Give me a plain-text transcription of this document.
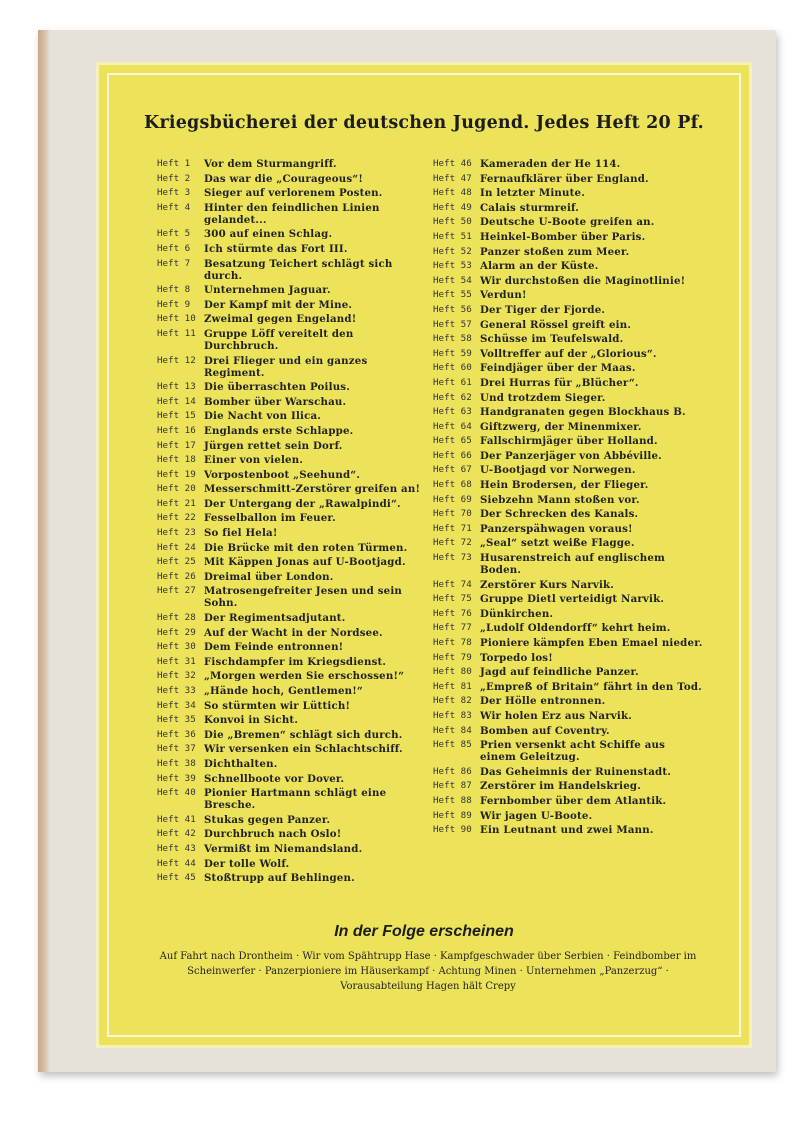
Kriegsbücherei der deutschen Jugend. Jedes Heft 20 Pf.
Heft 1	Vor dem Sturmangriff.
Heft 2	Das war die „Courageous“!
Heft 3	Sieger auf verlorenem Posten.
Heft 4	Hinter den feindlichen Linien gelandet...
Heft 5	300 auf einen Schlag.
Heft 6	Ich stürmte das Fort III.
Heft 7	Besatzung Teichert schlägt sich durch.
Heft 8	Unternehmen Jaguar.
Heft 9	Der Kampf mit der Mine.
Heft 10 Zweimal gegen Engeland!
Heft 11 Gruppe Löff vereitelt den Durchbruch.
Heft 12 Drei Flieger und ein ganzes Regiment.
Heft 13 Die überraschten Poilus.
Heft 14 Bomber über Warschau.
Heft 15 Die Nacht von Ilica.
Heft 16 Englands erste Schlappe.
Heft 17 Jürgen rettet sein Dorf.
Heft 18 Einer von vielen.
Heft 19 Vorpostenboot „Seehund“.
Heft 20 Messerschmitt-Zerstörer greifen an!
Heft 21 Der Untergang der „Rawalpindi“.
Heft 22 Fesselballon im Feuer.
Heft 23 So fiel Hela!
Heft 24 Die Brücke mit den roten Türmen.
Heft 25 Mit Käppen Jonas auf U-Bootjagd.
Heft 26 Dreimal über London.
Heft 27 Matrosengefreiter Jesen und sein Sohn.
Heft 28 Der Regimentsadjutant.
Heft 29 Auf der Wacht in der Nordsee.
Heft 30 Dem Feinde entronnen!
Heft 31 Fischdampfer im Kriegsdienst.
Heft 32 „Morgen werden Sie erschossen!“
Heft 33 „Hände hoch, Gentlemen!“
Heft 34 So stürmten wir Lüttich!
Heft 35 Konvoi in Sicht.
Heft 36 Die „Bremen“ schlägt sich durch.
Heft 37 Wir versenken ein Schlachtschiff.
Heft 38 Dichthalten.
Heft 39 Schnellboote vor Dover.
Heft 40 Pionier Hartmann schlägt eine Bresche.
Heft 41 Stukas gegen Panzer.
Heft 42 Durchbruch nach Oslo!
Heft 43 Vermißt im Niemandsland.
Heft 44 Der tolle Wolf.
Heft 45 Stoßtrupp auf Behlingen.
Heft 46 Kameraden der He 114.
Heft 47 Fernaufklärer über England.
Heft 48 In letzter Minute.
Heft 49 Calais sturmreif.
Heft 50 Deutsche U-Boote greifen an.
Heft 51 Heinkel-Bomber über Paris.
Heft 52 Panzer stoßen zum Meer.
Heft 53 Alarm an der Küste.
Heft 54 Wir durchstoßen die Maginotlinie!
Heft 55 Verdun!
Heft 56 Der Tiger der Fjorde.
Heft 57 General Rössel greift ein.
Heft 58 Schüsse im Teufelswald.
Heft 59 Volltreffer auf der „Glorious“.
Heft 60 Feindjäger über der Maas.
Heft 61 Drei Hurras für „Blücher“.
Heft 62 Und trotzdem Sieger.
Heft 63 Handgranaten gegen Blockhaus B.
Heft 64 Giftzwerg, der Minenmixer.
Heft 65 Fallschirmjäger über Holland.
Heft 66 Der Panzerjäger von Abbéville.
Heft 67 U-Bootjagd vor Norwegen.
Heft 68 Hein Brodersen, der Flieger.
Heft 69 Siebzehn Mann stoßen vor.
Heft 70 Der Schrecken des Kanals.
Heft 71 Panzerspähwagen voraus!
Heft 72 „Seal“ setzt weiße Flagge.
Heft 73 Husarenstreich auf englischem Boden.
Heft 74 Zerstörer Kurs Narvik.
Heft 75 Gruppe Dietl verteidigt Narvik.
Heft 76 Dünkirchen.
Heft 77 „Ludolf Oldendorff“ kehrt heim.
Heft 78 Pioniere kämpfen Eben Emael nieder.
Heft 79 Torpedo los!
Heft 80 Jagd auf feindliche Panzer.
Heft 81 „Empreß of Britain“ fährt in den Tod.
Heft 82 Der Hölle entronnen.
Heft 83 Wir holen Erz aus Narvik.
Heft 84 Bomben auf Coventry.
Heft 85 Prien versenkt acht Schiffe aus einem Geleitzug.
Heft 86 Das Geheimnis der Ruinenstadt.
Heft 87 Zerstörer im Handelskrieg.
Heft 88 Fernbomber über dem Atlantik.
Heft 89 Wir jagen U-Boote.
Heft 90 Ein Leutnant und zwei Mann.
In der Folge erscheinen
Auf Fahrt nach Drontheim · Wir vom Spähtrupp Hase · Kampfgeschwader über Serbien · Feindbomber im Scheinwerfer · Panzerpioniere im Häuserkampf · Achtung Minen · Unternehmen „Panzerzug“ · Vorausabteilung Hagen hält Crepy
